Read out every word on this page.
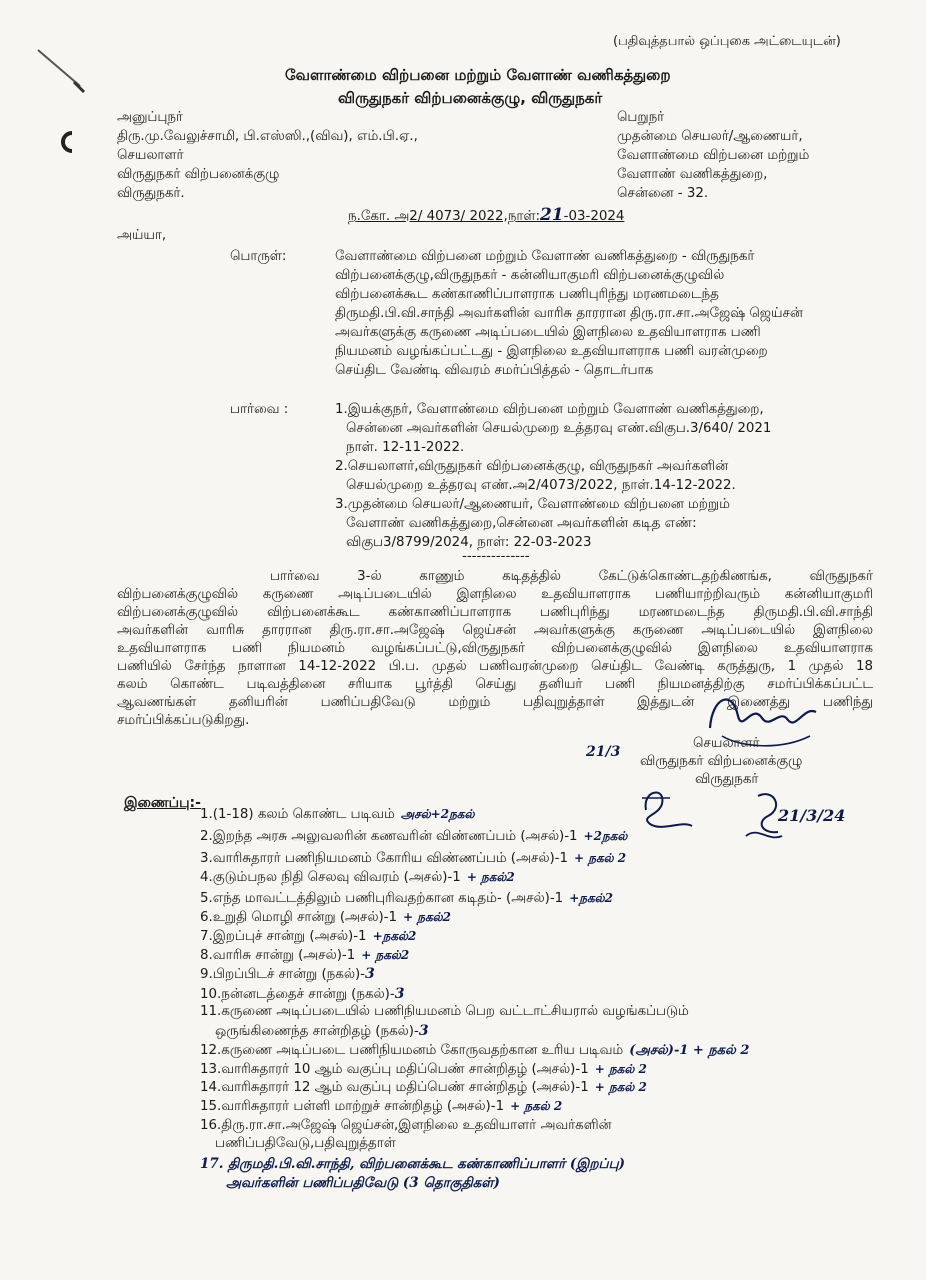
(பதிவுத்தபால் ஒப்புகை அட்டையுடன்)
வேளாண்மை விற்பனை மற்றும் வேளாண் வணிகத்துறை
விருதுநகர் விற்பனைக்குழு, விருதுநகர்
அனுப்புநர்
திரு.மு.வேலுச்சாமி, பி.எஸ்ஸி.,(விவ), எம்.பி.ஏ.,
செயலாளர்
விருதுநகர் விற்பனைக்குழு
விருதுநகர்.
பெறுநர்
முதன்மை செயலர்/ஆணையர்,
வேளாண்மை விற்பனை மற்றும்
வேளாண் வணிகத்துறை,
சென்னை - 32.
ந.கோ. அ2/ 4073/ 2022,நாள்:21-03-2024
அய்யா,
பொருள்:	வேளாண்மை விற்பனை மற்றும் வேளாண் வணிகத்துறை - விருதுநகர்
விற்பனைக்குழு,விருதுநகர் - கன்னியாகுமரி விற்பனைக்குழுவில்
விற்பனைக்கூட கண்காணிப்பாளராக பணிபுரிந்து மரணமடைந்த
திருமதி.பி.வி.சாந்தி அவர்களின் வாரிசு தாரரான திரு.ரா.சா.அஜேஷ் ஜெய்சன்
அவர்களுக்கு கருணை அடிப்படையில் இளநிலை உதவியாளராக பணி
நியமனம் வழங்கப்பட்டது - இளநிலை உதவியாளராக பணி வரன்முறை
செய்திட வேண்டி விவரம் சமர்ப்பித்தல் - தொடர்பாக
பார்வை :	1.இயக்குநர், வேளாண்மை விற்பனை மற்றும் வேளாண் வணிகத்துறை,
சென்னை அவர்களின் செயல்முறை உத்தரவு எண்.விகுப.3/640/ 2021
நாள். 12-11-2022.
2.செயலாளர்,விருதுநகர் விற்பனைக்குழு, விருதுநகர் அவர்களின்
செயல்முறை உத்தரவு எண்.அ2/4073/2022, நாள்.14-12-2022.
3.முதன்மை செயலர்/ஆணையர், வேளாண்மை விற்பனை மற்றும்
வேளாண் வணிகத்துறை,சென்னை அவர்களின் கடித எண்:
விகுப3/8799/2024, நாள்: 22-03-2023
--------------
பார்வை 3-ல் காணும் கடிதத்தில் கேட்டுக்கொண்டதற்கிணங்க, விருதுநகர்
விற்பனைக்குழுவில் கருணை அடிப்படையில் இளநிலை உதவியாளராக பணியாற்றிவரும் கன்னியாகுமரி
விற்பனைக்குழுவில் விற்பனைக்கூட கண்காணிப்பாளராக பணிபுரிந்து மரணமடைந்த திருமதி.பி.வி.சாந்தி
அவர்களின் வாரிசு தாரரான திரு.ரா.சா.அஜேஷ் ஜெய்சன் அவர்களுக்கு கருணை அடிப்படையில் இளநிலை
உதவியாளராக பணி நியமனம் வழங்கப்பட்டு,விருதுநகர் விற்பனைக்குழுவில் இளநிலை உதவியாளராக
பணியில் சேர்ந்த நாளான 14-12-2022 பி.ப. முதல் பணிவரன்முறை செய்திட வேண்டி கருத்துரு, 1 முதல் 18
கலம் கொண்ட படிவத்தினை சரியாக பூர்த்தி செய்து தனியர் பணி நியமனத்திற்கு சமர்ப்பிக்கப்பட்ட
ஆவணங்கள் தனியரின் பணிப்பதிவேடு மற்றும் பதிவுறுத்தாள் இத்துடன் இணைத்து பணிந்து
சமர்ப்பிக்கப்படுகிறது.
21/3
செயலாளர்
விருதுநகர் விற்பனைக்குழு
விருதுநகர்
21/3/24
இணைப்பு:-
1.(1-18) கலம் கொண்ட படிவம் அசல்+2நகல்
2.இறந்த அரசு அலுவலரின் கணவரின் விண்ணப்பம் (அசல்)-1 +2நகல்
3.வாரிசுதாரர் பணிநியமனம் கோரிய விண்ணப்பம் (அசல்)-1 + நகல் 2
4.குடும்பநல நிதி செலவு விவரம் (அசல்)-1 + நகல்2
5.எந்த மாவட்டத்திலும் பணிபுரிவதற்கான கடிதம்- (அசல்)-1 +நகல்2
6.உறுதி மொழி சான்று (அசல்)-1 + நகல்2
7.இறப்புச் சான்று (அசல்)-1 +நகல்2
8.வாரிசு சான்று (அசல்)-1 + நகல்2
9.பிறப்பிடச் சான்று (நகல்)-3
10.நன்னடத்தைச் சான்று (நகல்)-3
11.கருணை அடிப்படையில் பணிநியமனம் பெற வட்டாட்சியரால் வழங்கப்படும்
ஒருங்கிணைந்த சான்றிதழ் (நகல்)-3
12.கருணை அடிப்படை பணிநியமனம் கோருவதற்கான உரிய படிவம் (அசல்)-1 + நகல் 2
13.வாரிசுதாரர் 10 ஆம் வகுப்பு மதிப்பெண் சான்றிதழ் (அசல்)-1 + நகல் 2
14.வாரிசுதாரர் 12 ஆம் வகுப்பு மதிப்பெண் சான்றிதழ் (அசல்)-1 + நகல் 2
15.வாரிசுதாரர் பள்ளி மாற்றுச் சான்றிதழ் (அசல்)-1 + நகல் 2
16.திரு.ரா.சா.அஜேஷ் ஜெய்சன்,இளநிலை உதவியாளர் அவர்களின்
பணிப்பதிவேடு,பதிவுறுத்தாள்
17. திருமதி.பி.வி.சாந்தி, விற்பனைக்கூட கண்காணிப்பாளர் (இறப்பு)
அவர்களின் பணிப்பதிவேடு (3 தொகுதிகள்)
